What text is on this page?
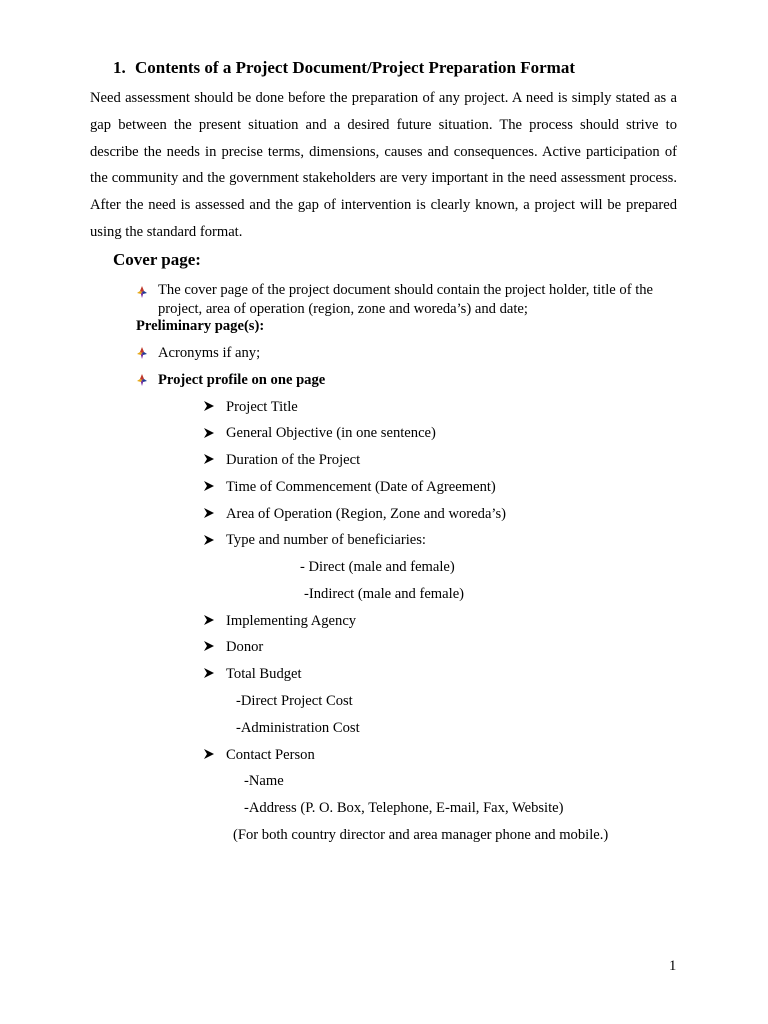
1. Contents of a Project Document/Project Preparation Format

Need assessment should be done before the preparation of any project. A need is simply stated as a gap between the present situation and a desired future situation. The process should strive to describe the needs in precise terms, dimensions, causes and consequences. Active participation of the community and the government stakeholders are very important in the need assessment process. After the need is assessed and the gap of intervention is clearly known, a project will be prepared using the standard format.

Cover page:

The cover page of the project document should contain the project holder, title of the project, area of operation (region, zone and woreda’s) and date;

Preliminary page(s):
Acronyms if any;
Project profile on one page
Project Title
General Objective (in one sentence)
Duration of the Project
Time of Commencement (Date of Agreement)
Area of Operation (Region, Zone and woreda’s)
Type and number of beneficiaries:
- Direct (male and female)
-Indirect (male and female)
Implementing Agency
Donor
Total Budget
-Direct Project Cost
-Administration Cost
Contact Person
-Name
-Address (P. O. Box, Telephone, E-mail, Fax, Website)
(For both country director and area manager phone and mobile.)
1
